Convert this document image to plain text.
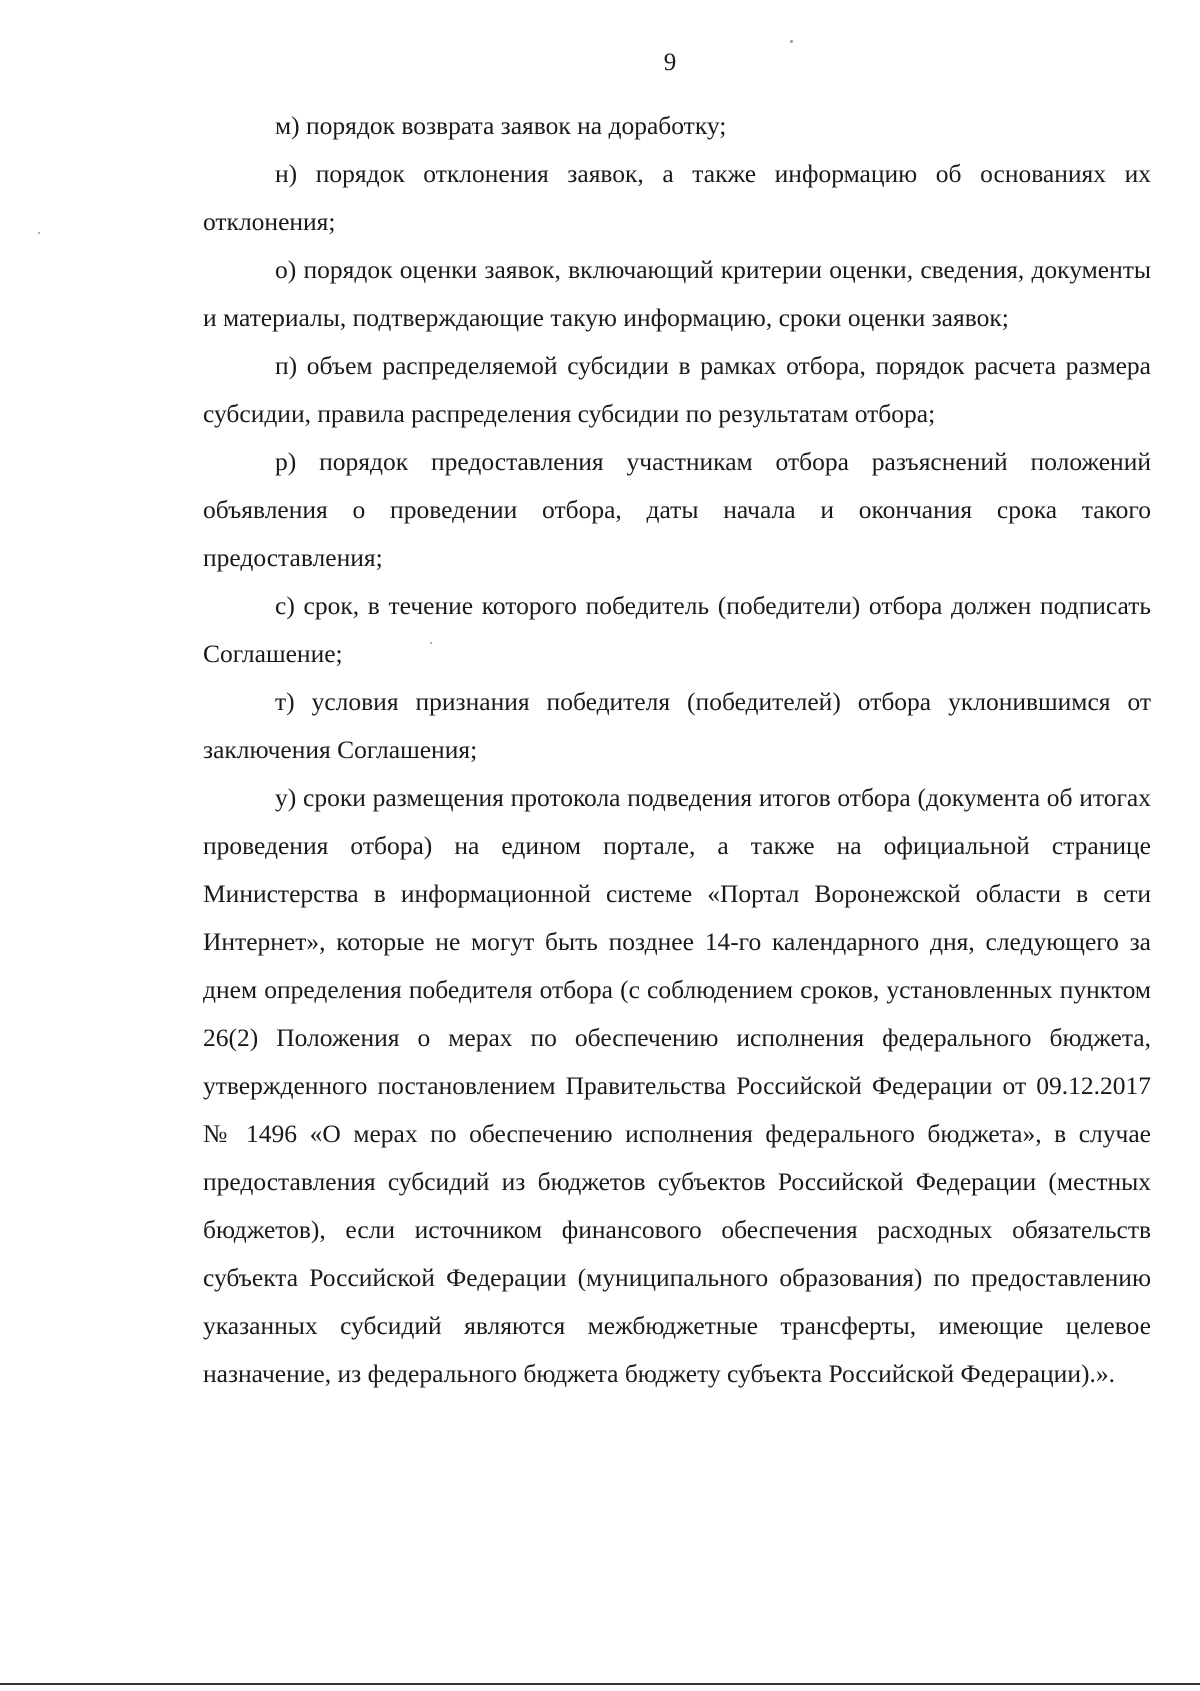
9

м) порядок возврата заявок на доработку;

н) порядок отклонения заявок, а также информацию об основаниях их отклонения;

о) порядок оценки заявок, включающий критерии оценки, сведения, документы и материалы, подтверждающие такую информацию, сроки оценки заявок;

п) объем распределяемой субсидии в рамках отбора, порядок расчета размера субсидии, правила распределения субсидии по результатам отбора;

р) порядок предоставления участникам отбора разъяснений положений объявления о проведении отбора, даты начала и окончания срока такого предоставления;

с) срок, в течение которого победитель (победители) отбора должен подписать Соглашение;

т) условия признания победителя (победителей) отбора уклонившимся от заключения Соглашения;

у) сроки размещения протокола подведения итогов отбора (документа об итогах проведения отбора) на едином портале, а также на официальной странице Министерства в информационной системе «Портал Воронежской области в сети Интернет», которые не могут быть позднее 14-го календарного дня, следующего за днем определения победителя отбора (с соблюдением сроков, установленных пунктом 26(2) Положения о мерах по обеспечению исполнения федерального бюджета, утвержденного постановлением Правительства Российской Федерации от 09.12.2017 № 1496 «О мерах по обеспечению исполнения федерального бюджета», в случае предоставления субсидий из бюджетов субъектов Российской Федерации (местных бюджетов), если источником финансового обеспечения расходных обязательств субъекта Российской Федерации (муниципального образования) по предоставлению указанных субсидий являются межбюджетные трансферты, имеющие целевое назначение, из федерального бюджета бюджету субъекта Российской Федерации).».
